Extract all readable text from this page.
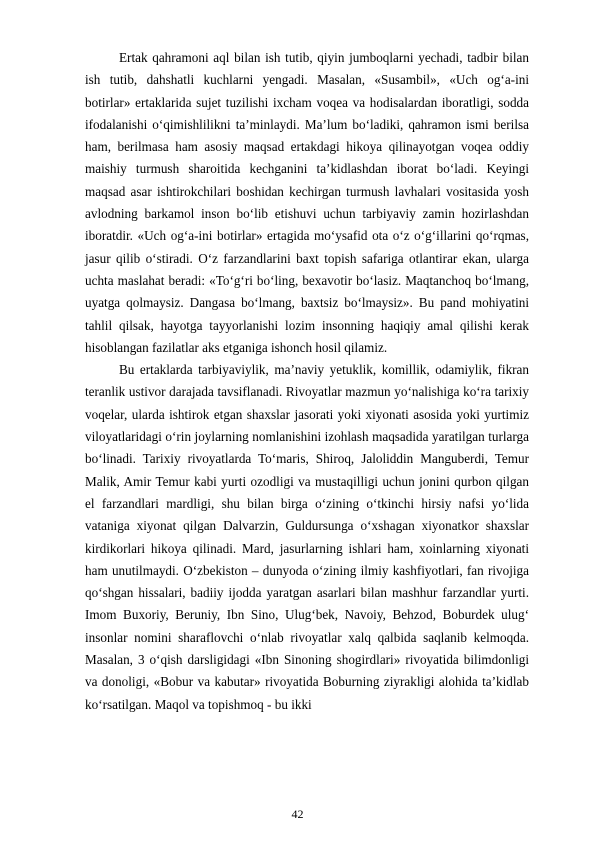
Ertak qahramoni aql bilan ish tutib, qiyin jumboqlarni yechadi, tadbir bilan ish tutib, dahshatli kuchlarni yengadi. Masalan, «Susambil», «Uch og‘a-ini botirlar» ertaklarida sujet tuzilishi ixcham voqea va hodisalardan iboratligi, sodda ifodalanishi o‘qimishlilikni ta’minlaydi. Ma’lum bo‘ladiki, qahramon ismi berilsa ham, berilmasa ham asosiy maqsad ertakdagi hikoya qilinayotgan voqea oddiy maishiy turmush sharoitida kechganini ta’kidlashdan iborat bo‘ladi. Keyingi maqsad asar ishtirokchilari boshidan kechirgan turmush lavhalari vositasida yosh avlodning barkamol inson bo‘lib etishuvi uchun tarbiyaviy zamin hozirlashdan iboratdir. «Uch og‘a-ini botirlar» ertagida mo‘ysafid ota o‘z o‘g‘illarini qo‘rqmas, jasur qilib o‘stiradi. O‘z farzandlarini baxt topish safariga otlantirar ekan, ularga uchta maslahat beradi: «To‘g‘ri bo‘ling, bexavotir bo‘lasiz. Maqtanchoq bo‘lmang, uyatga qolmaysiz. Dangasa bo‘lmang, baxtsiz bo‘lmaysiz». Bu pand mohiyatini tahlil qilsak, hayotga tayyorlanishi lozim insonning haqiqiy amal qilishi kerak hisoblangan fazilatlar aks etganiga ishonch hosil qilamiz.

Bu ertaklarda tarbiyaviylik, ma’naviy yetuklik, komillik, odamiylik, fikran teranlik ustivor darajada tavsiflanadi. Rivoyatlar mazmun yo‘nalishiga ko‘ra tarixiy voqelar, ularda ishtirok etgan shaxslar jasorati yoki xiyonati asosida yoki yurtimiz viloyatlaridagi o‘rin joylarning nomlanishini izohlash maqsadida yaratilgan turlarga bo‘linadi. Tarixiy rivoyatlarda To‘maris, Shiroq, Jaloliddin Manguberdi, Temur Malik, Amir Temur kabi yurti ozodligi va mustaqilligi uchun jonini qurbon qilgan el farzandlari mardligi, shu bilan birga o‘zining o‘tkinchi hirsiy nafsi yo‘lida vataniga xiyonat qilgan Dalvarzin, Guldursunga o‘xshagan xiyonatkor shaxslar kirdikorlari hikoya qilinadi. Mard, jasurlarning ishlari ham, xoinlarning xiyonati ham unutilmaydi. O‘zbekiston – dunyoda o‘zining ilmiy kashfiyotlari, fan rivojiga qo‘shgan hissalari, badiiy ijodda yaratgan asarlari bilan mashhur farzandlar yurti. Imom Buxoriy, Beruniy, Ibn Sino, Ulug‘bek, Navoiy, Behzod, Boburdek ulug‘ insonlar nomini sharaflovchi o‘nlab rivoyatlar xalq qalbida saqlanib kelmoqda. Masalan, 3 o‘qish darsligidagi «Ibn Sinoning shogirdlari» rivoyatida bilimdonligi va donoligi, «Bobur va kabutar» rivoyatida Boburning ziyrakligi alohida ta’kidlab ko‘rsatilgan. Maqol va topishmoq - bu ikki

42
